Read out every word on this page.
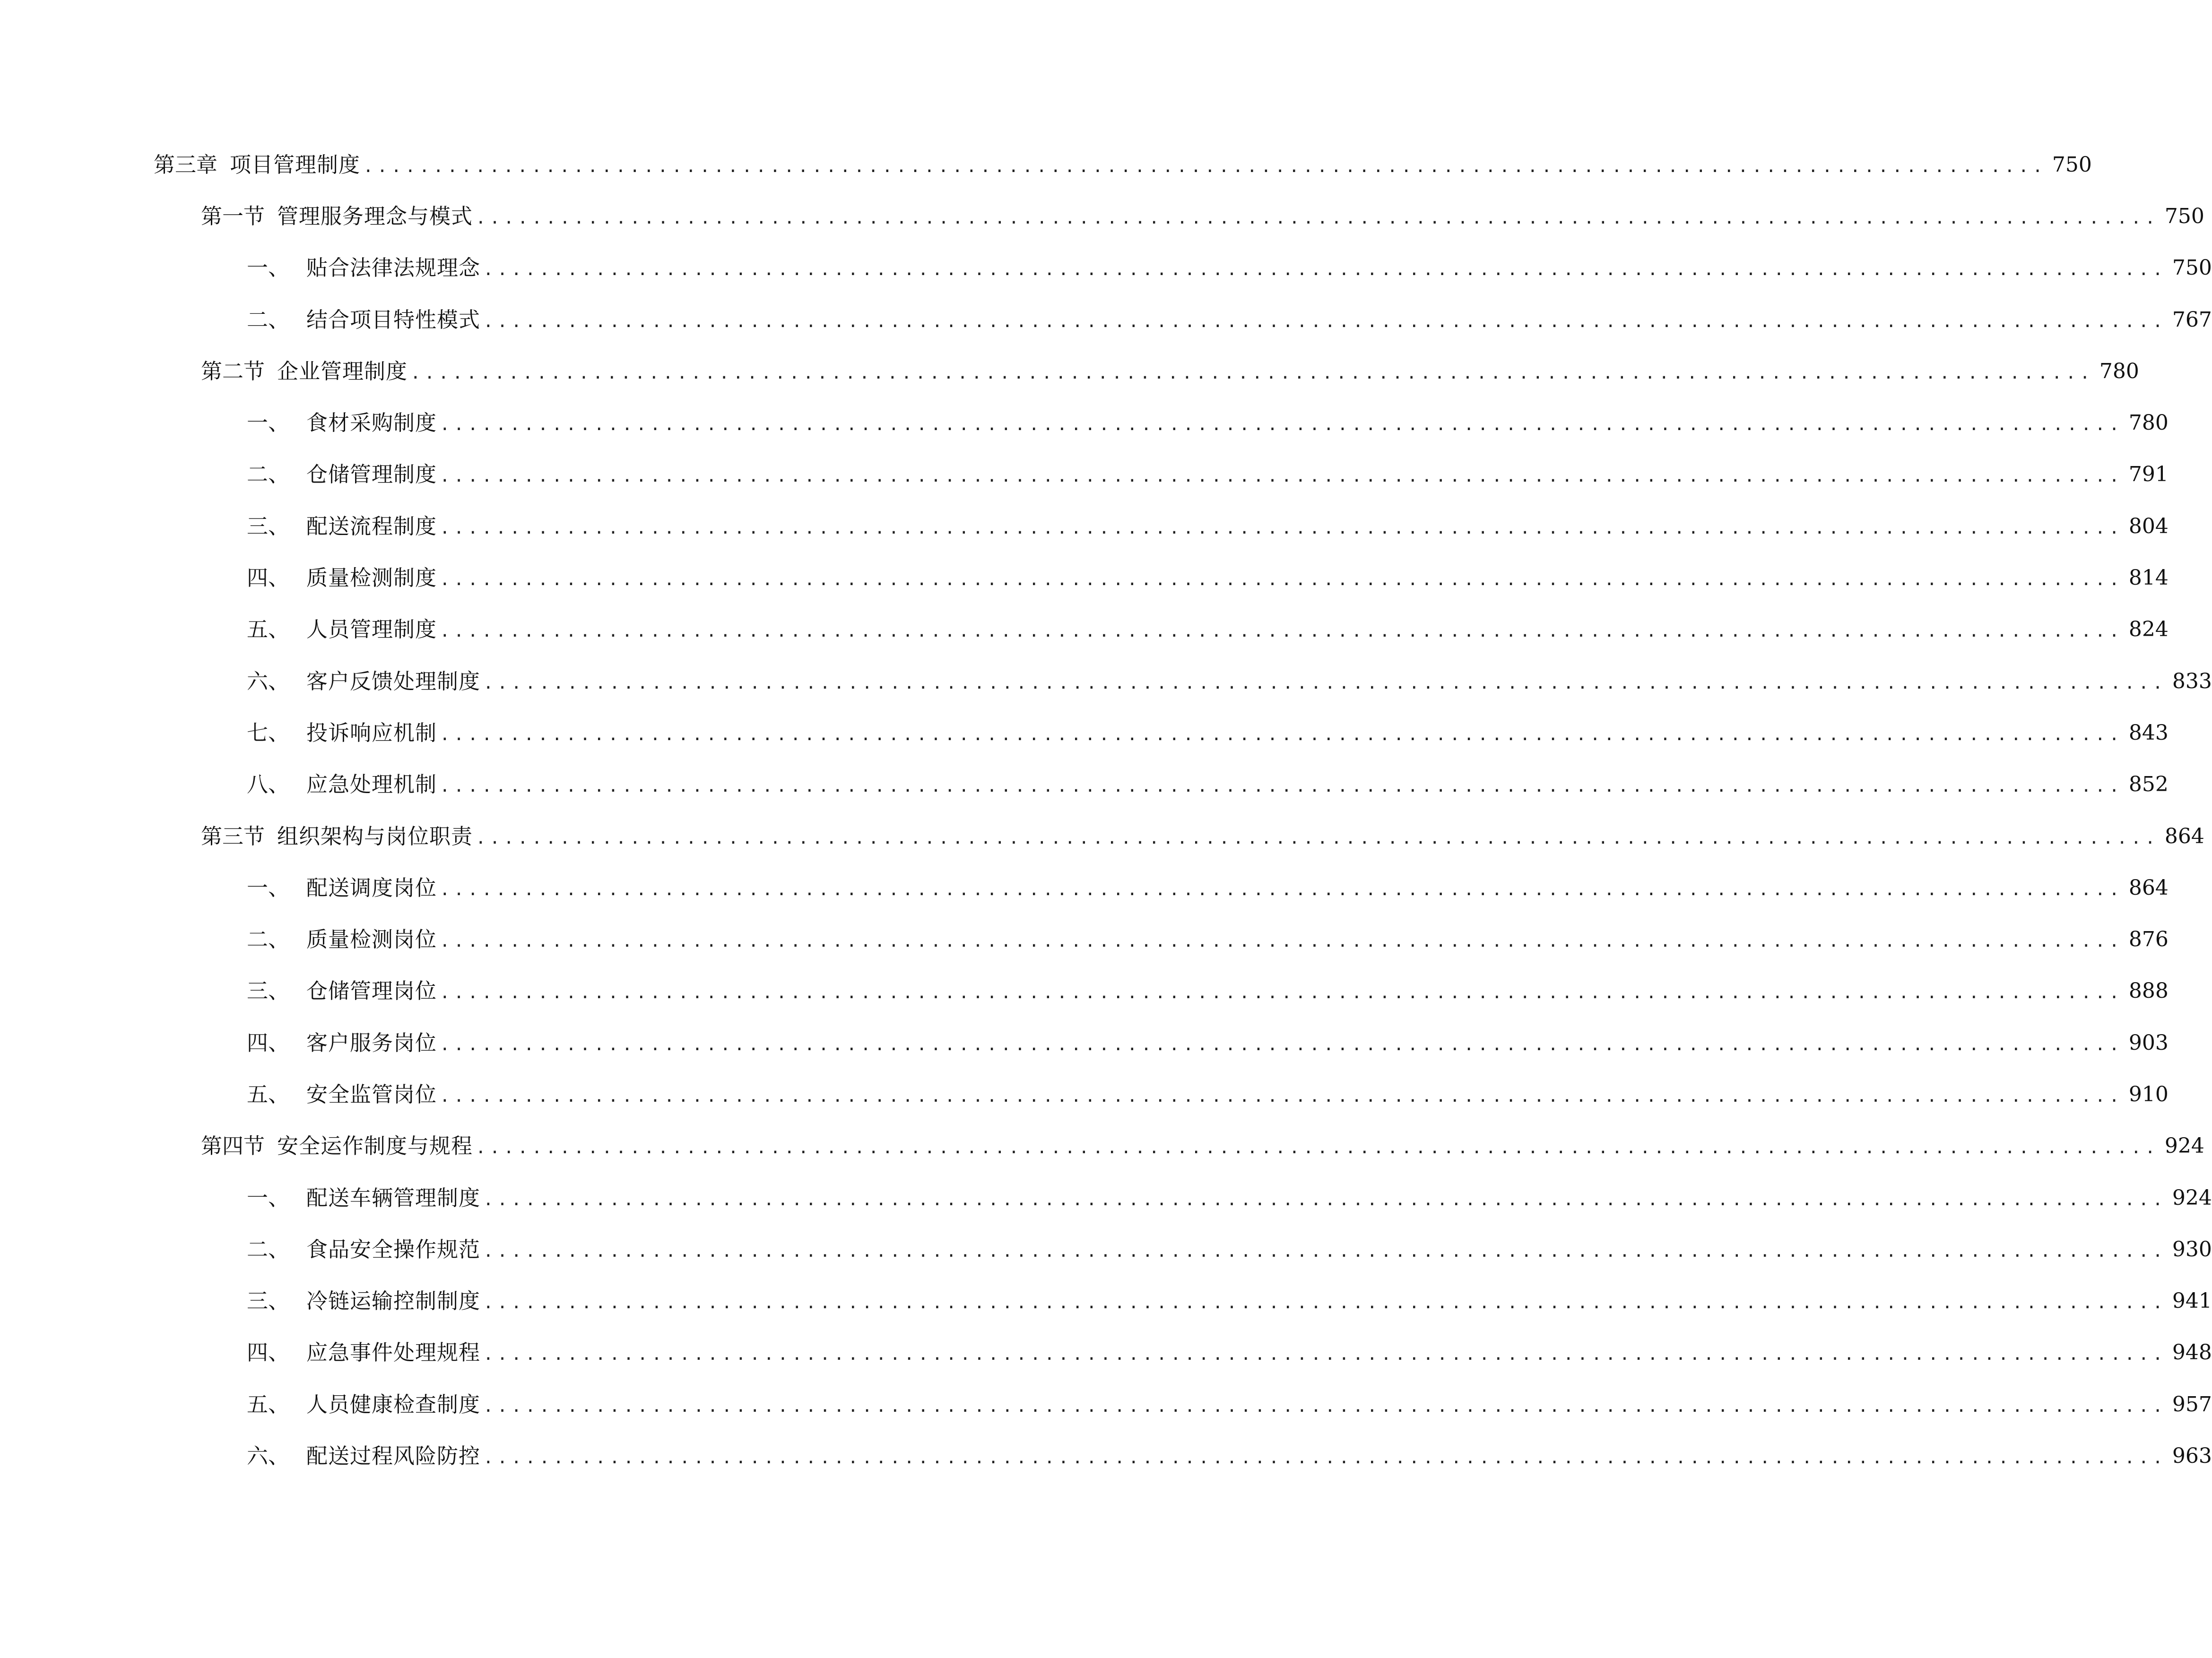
第三章 项目管理制度 ........................................................................................................................ 750
第一节 管理服务理念与模式 ........................................................................................................................ 750
一、 贴合法律法规理念 ........................................................................................................................ 750
二、 结合项目特性模式 ........................................................................................................................ 767
第二节 企业管理制度 ........................................................................................................................ 780
一、 食材采购制度 ........................................................................................................................ 780
二、 仓储管理制度 ........................................................................................................................ 791
三、 配送流程制度 ........................................................................................................................ 804
四、 质量检测制度 ........................................................................................................................ 814
五、 人员管理制度 ........................................................................................................................ 824
六、 客户反馈处理制度 ........................................................................................................................ 833
七、 投诉响应机制 ........................................................................................................................ 843
八、 应急处理机制 ........................................................................................................................ 852
第三节 组织架构与岗位职责 ........................................................................................................................ 864
一、 配送调度岗位 ........................................................................................................................ 864
二、 质量检测岗位 ........................................................................................................................ 876
三、 仓储管理岗位 ........................................................................................................................ 888
四、 客户服务岗位 ........................................................................................................................ 903
五、 安全监管岗位 ........................................................................................................................ 910
第四节 安全运作制度与规程 ........................................................................................................................ 924
一、 配送车辆管理制度 ........................................................................................................................ 924
二、 食品安全操作规范 ........................................................................................................................ 930
三、 冷链运输控制制度 ........................................................................................................................ 941
四、 应急事件处理规程 ........................................................................................................................ 948
五、 人员健康检查制度 ........................................................................................................................ 957
六、 配送过程风险防控 ........................................................................................................................ 963
